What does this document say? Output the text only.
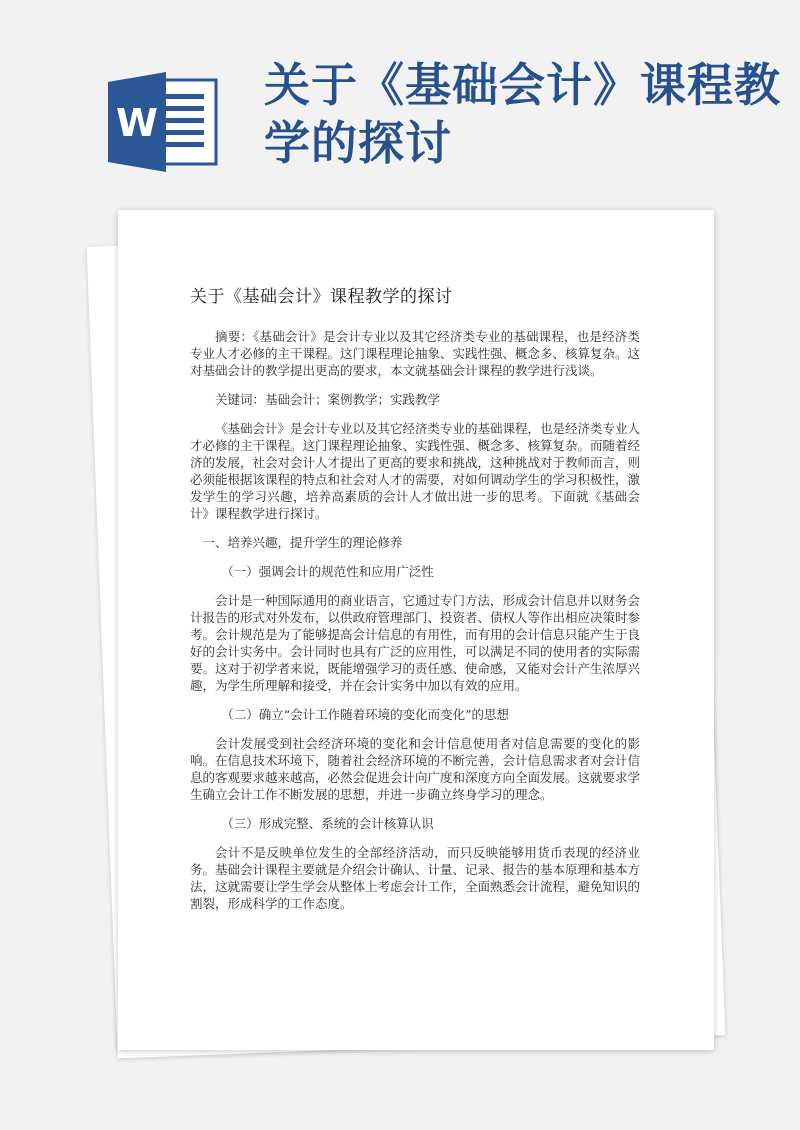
W
关于《基础会计》课程教学的探讨
关于《基础会计》课程教学的探讨

摘要：《基础会计》是会计专业以及其它经济类专业的基础课程，也是经济类专业人才必修的主干课程。这门课程理论抽象、实践性强、概念多、核算复杂。这对基础会计的教学提出更高的要求，本文就基础会计课程的教学进行浅谈。

关键词：基础会计；案例教学；实践教学

《基础会计》是会计专业以及其它经济类专业的基础课程，也是经济类专业人才必修的主干课程。这门课程理论抽象、实践性强、概念多、核算复杂。而随着经济的发展，社会对会计人才提出了更高的要求和挑战，这种挑战对于教师而言，则必须能根据该课程的特点和社会对人才的需要，对如何调动学生的学习积极性，激发学生的学习兴趣，培养高素质的会计人才做出进一步的思考。下面就《基础会计》课程教学进行探讨。

一、培养兴趣，提升学生的理论修养

（一）强调会计的规范性和应用广泛性

会计是一种国际通用的商业语言，它通过专门方法，形成会计信息并以财务会计报告的形式对外发布，以供政府管理部门、投资者、债权人等作出相应决策时参考。会计规范是为了能够提高会计信息的有用性，而有用的会计信息只能产生于良好的会计实务中。会计同时也具有广泛的应用性，可以满足不同的使用者的实际需要。这对于初学者来说，既能增强学习的责任感、使命感，又能对会计产生浓厚兴趣，为学生所理解和接受，并在会计实务中加以有效的应用。

（二）确立“会计工作随着环境的变化而变化”的思想

会计发展受到社会经济环境的变化和会计信息使用者对信息需要的变化的影响。在信息技术环境下，随着社会经济环境的不断完善，会计信息需求者对会计信息的客观要求越来越高，必然会促进会计向广度和深度方向全面发展。这就要求学生确立会计工作不断发展的思想，并进一步确立终身学习的理念。

（三）形成完整、系统的会计核算认识

会计不是反映单位发生的全部经济活动，而只反映能够用货币表现的经济业务。基础会计课程主要就是介绍会计确认、计量、记录、报告的基本原理和基本方法，这就需要让学生学会从整体上考虑会计工作，全面熟悉会计流程，避免知识的割裂，形成科学的工作态度。
